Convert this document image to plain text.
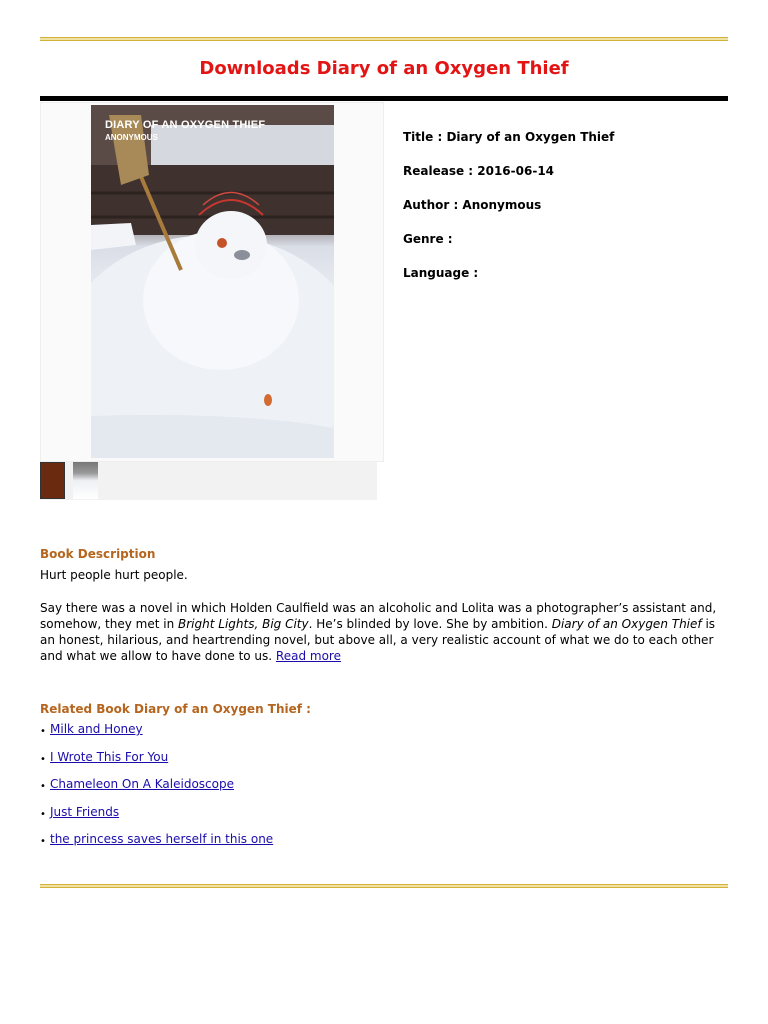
Downloads Diary of an Oxygen Thief
DIARY OF AN OXYGEN THIEF
ANONYMOUS	Title : Diary of an Oxygen Thief
Realease : 2016-06-14
Author : Anonymous
Genre :
Language :
Book Description

Hurt people hurt people.

Say there was a novel in which Holden Caulfield was an alcoholic and Lolita was a photographer’s assistant and, somehow, they met in Bright Lights, Big City. He’s blinded by love. She by ambition. Diary of an Oxygen Thief is an honest, hilarious, and heartrending novel, but above all, a very realistic account of what we do to each other and what we allow to have done to us. Read more

Related Book Diary of an Oxygen Thief :
• Milk and Honey
• I Wrote This For You
• Chameleon On A Kaleidoscope
• Just Friends
• the princess saves herself in this one
